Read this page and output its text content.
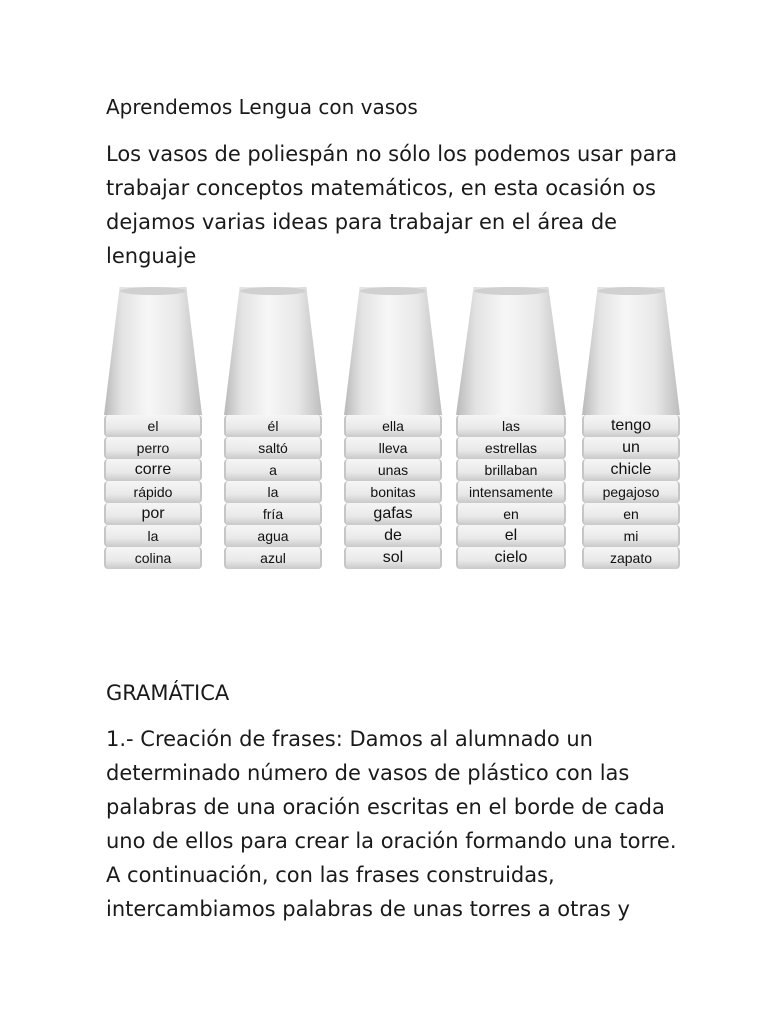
Aprendemos Lengua con vasos
Los vasos de poliespán no sólo los podemos usar para
trabajar conceptos matemáticos, en esta ocasión os
dejamos varias ideas para trabajar en el área de
lenguaje
el
perro
corre
rápido
por
la
colina
él
saltó
a
la
fría
agua
azul
ella
lleva
unas
bonitas
gafas
de
sol
las
estrellas
brillaban
intensamente
en
el
cielo
tengo
un
chicle
pegajoso
en
mi
zapato
GRAMÁTICA
1.- Creación de frases: Damos al alumnado un
determinado número de vasos de plástico con las
palabras de una oración escritas en el borde de cada
uno de ellos para crear la oración formando una torre.
A continuación, con las frases construidas,
intercambiamos palabras de unas torres a otras y
